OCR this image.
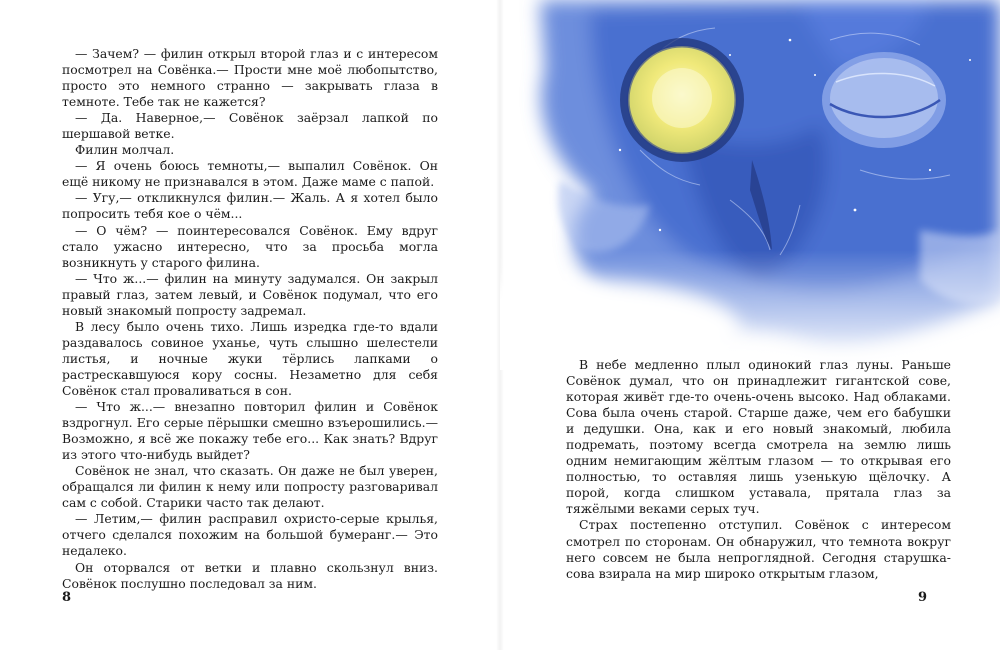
— Зачем? — филин открыл второй глаз и с интересом посмотрел на Совёнка.— Прости мне моё любопытство, просто это немного странно — закрывать глаза в темноте. Тебе так не кажется?

— Да. Наверное,— Совёнок заёрзал лапкой по шершавой ветке.

Филин молчал.

— Я очень боюсь темноты,— выпалил Совёнок. Он ещё никому не признавался в этом. Даже маме с папой.

— Угу,— откликнулся филин.— Жаль. А я хотел было попросить тебя кое о чём...

— О чём? — поинтересовался Совёнок. Ему вдруг стало ужасно интересно, что за просьба могла возникнуть у старого филина.

— Что ж...— филин на минуту задумался. Он закрыл правый глаз, затем левый, и Совёнок подумал, что его новый знакомый попросту задремал.

В лесу было очень тихо. Лишь изредка где-то вдали раздавалось совиное уханье, чуть слышно шелестели листья, и ночные жуки тёрлись лапками о растрескавшуюся кору сосны. Незаметно для себя Совёнок стал проваливаться в сон.

— Что ж...— внезапно повторил филин и Совёнок вздрогнул. Его серые пёрышки смешно взъерошились.— Возможно, я всё же покажу тебе его... Как знать? Вдруг из этого что-нибудь выйдет?

Совёнок не знал, что сказать. Он даже не был уверен, обращался ли филин к нему или попросту разговаривал сам с собой. Старики часто так делают.

— Летим,— филин расправил охристо-серые крылья, отчего сделался похожим на большой бумеранг.— Это недалеко.

Он оторвался от ветки и плавно скользнул вниз. Совёнок послушно последовал за ним.

8

В небе медленно плыл одинокий глаз луны. Раньше Совёнок думал, что он принадлежит гигантской сове, которая живёт где-то очень-очень высоко. Над облаками. Сова была очень старой. Старше даже, чем его бабушки и дедушки. Она, как и его новый знакомый, любила подремать, поэтому всегда смотрела на землю лишь одним немигающим жёлтым глазом — то открывая его полностью, то оставляя лишь узенькую щёлочку. А порой, когда слишком уставала, прятала глаз за тяжёлыми веками серых туч.

Страх постепенно отступил. Совёнок с интересом смотрел по сторонам. Он обнаружил, что темнота вокруг него совсем не была непроглядной. Сегодня старушка-сова взирала на мир широко открытым глазом,

9
